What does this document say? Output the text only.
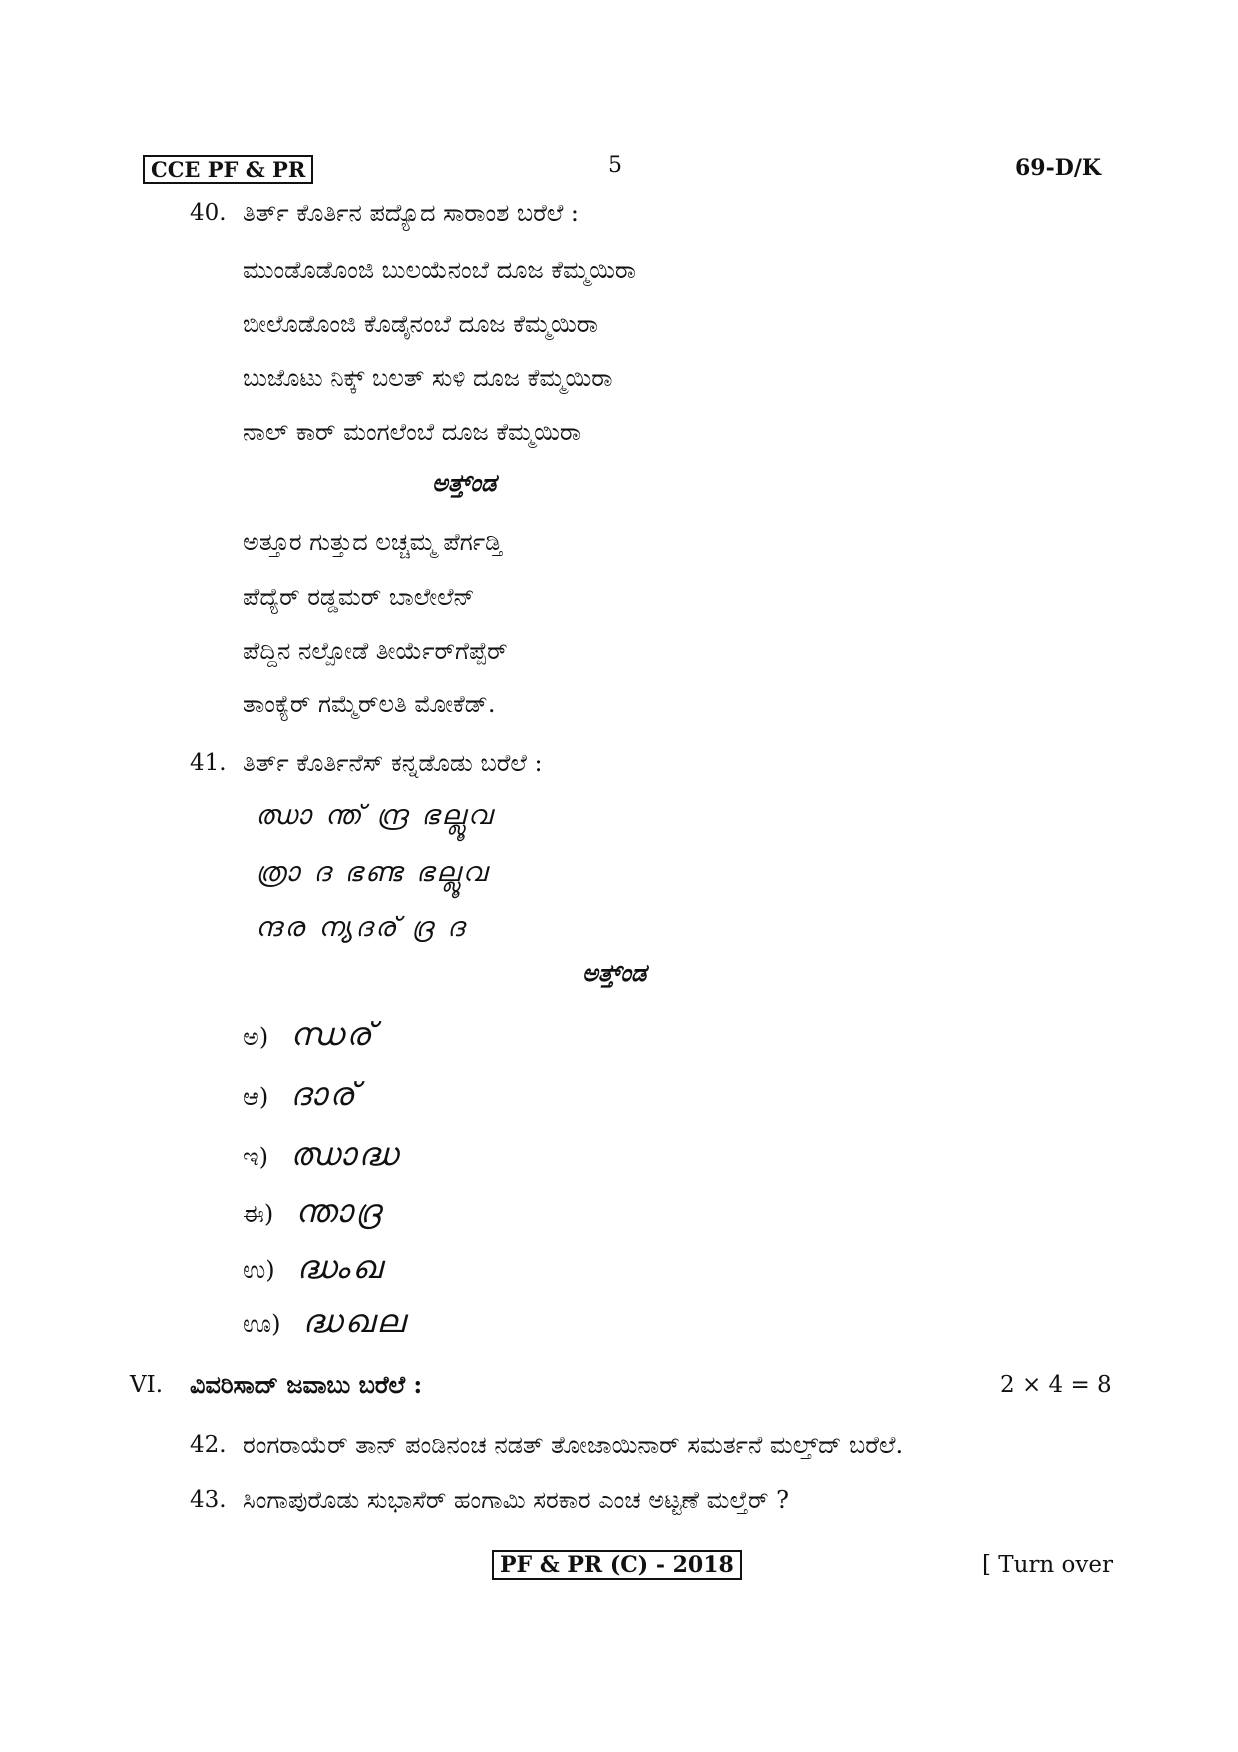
CCE PF & PR	5	69-D/K
40. ತಿರ್ತ್ ಕೊರ್ತಿನ ಪದ್ಯೊದ ಸಾರಾಂಶ ಬರೆಲೆ :
ಮುಂಡೊಡೊಂಜಿ ಬುಲಯೆನಂಬೆ ದೂಜ ಕೆಮ್ಮಯಿರಾ
ಬೀಲೊಡೊಂಜಿ ಕೊಡೈನಂಬೆ ದೂಜ ಕೆಮ್ಮಯಿರಾ
ಬುಜೊಟು ನಿಕ್ಕ್ ಬಲತ್ ಸುಳಿ ದೂಜ ಕೆಮ್ಮಯಿರಾ
ನಾಲ್ ಕಾರ್ ಮಂಗಲೆಂಬೆ ದೂಜ ಕೆಮ್ಮಯಿರಾ
ಅತ್ತ್ಂಡ
ಅತ್ತೂರ ಗುತ್ತುದ ಲಚ್ಚಮ್ಮ ಪೆರ್ಗಡ್ತಿ
ಪೆದ್ಯೆರ್ ರಡ್ಡಮರ್ ಬಾಲೇಲೆನ್
ಪೆದ್ದಿನ ನಲ್ಪೋಡೆ ತೀರ್ಯೆರ್‌ಗೆಪ್ಪೆರ್
ತಾಂಕ್ಯೆರ್ ಗಮ್ಮೆರ್‌ಲತಿ ಮೋಕೆಡ್.
41. ತಿರ್ತ್ ಕೊರ್ತಿನೆಸ್ ಕನ್ನಡೊಡು ಬರೆಲೆ :
ഝാ ന്ത് ന്ദ്ര ഭല്ലൂവ
ത്രാ ദ ഭണ്ട ഭല്ലൂവ
ന്ദര ന്യദര് ദ്ര ദ
ಅತ್ತ್ಂಡ
ಅ) ന്ധര്
ಆ) ദാര്
ಇ) ഝാദ്ധ
ಈ) ന്താദ്ര
ಉ) ദ്ധംഖ
ಊ) ദ്ധഖല
VI. ವಿವರಿಸಾದ್ ಜವಾಬು ಬರೆಲೆ :	2 × 4 = 8
42. ರಂಗರಾಯೆರ್ ತಾನ್ ಪಂಡಿನಂಚ ನಡತ್ ತೋಜಾಯಿನಾರ್ ಸಮರ್ತನೆ ಮಲ್ತ್‌ದ್ ಬರೆಲೆ.
43. ಸಿಂಗಾಪುರೊಡು ಸುಭಾಸೆರ್ ಹಂಗಾಮಿ ಸರಕಾರ ಎಂಚ ಅಟ್ಟಣೆ ಮಲ್ತೆರ್ ?
PF & PR (C) - 2018	[ Turn over
